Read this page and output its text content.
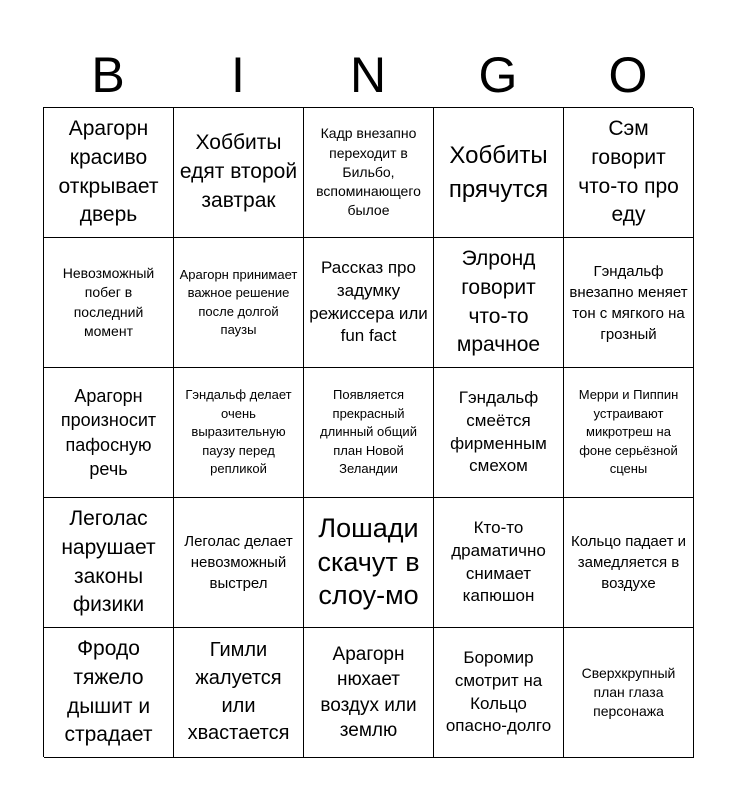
B	I	N	G	O
Арагорн красиво открывает дверь
Хоббиты едят второй завтрак
Кадр внезапно переходит в Бильбо, вспоминающего былое
Хоббиты прячутся
Сэм говорит что-то про еду
Невозможный побег в последний момент
Арагорн принимает важное решение после долгой паузы
Рассказ про задумку режиссера или fun fact
Элронд говорит что-то мрачное
Гэндальф внезапно меняет тон с мягкого на грозный
Арагорн произносит пафосную речь
Гэндальф делает очень выразительную паузу перед репликой
Появляется прекрасный длинный общий план Новой Зеландии
Гэндальф смеётся фирменным смехом
Мерри и Пиппин устраивают микротреш на фоне серьёзной сцены
Леголас нарушает законы физики
Леголас делает невозможный выстрел
Лошади скачут в слоу-мо
Кто-то драматично снимает капюшон
Кольцо падает и замедляется в воздухе
Фродо тяжело дышит и страдает
Гимли жалуется или хвастается
Арагорн нюхает воздух или землю
Боромир смотрит на Кольцо опасно-долго
Сверхкрупный план глаза персонажа
